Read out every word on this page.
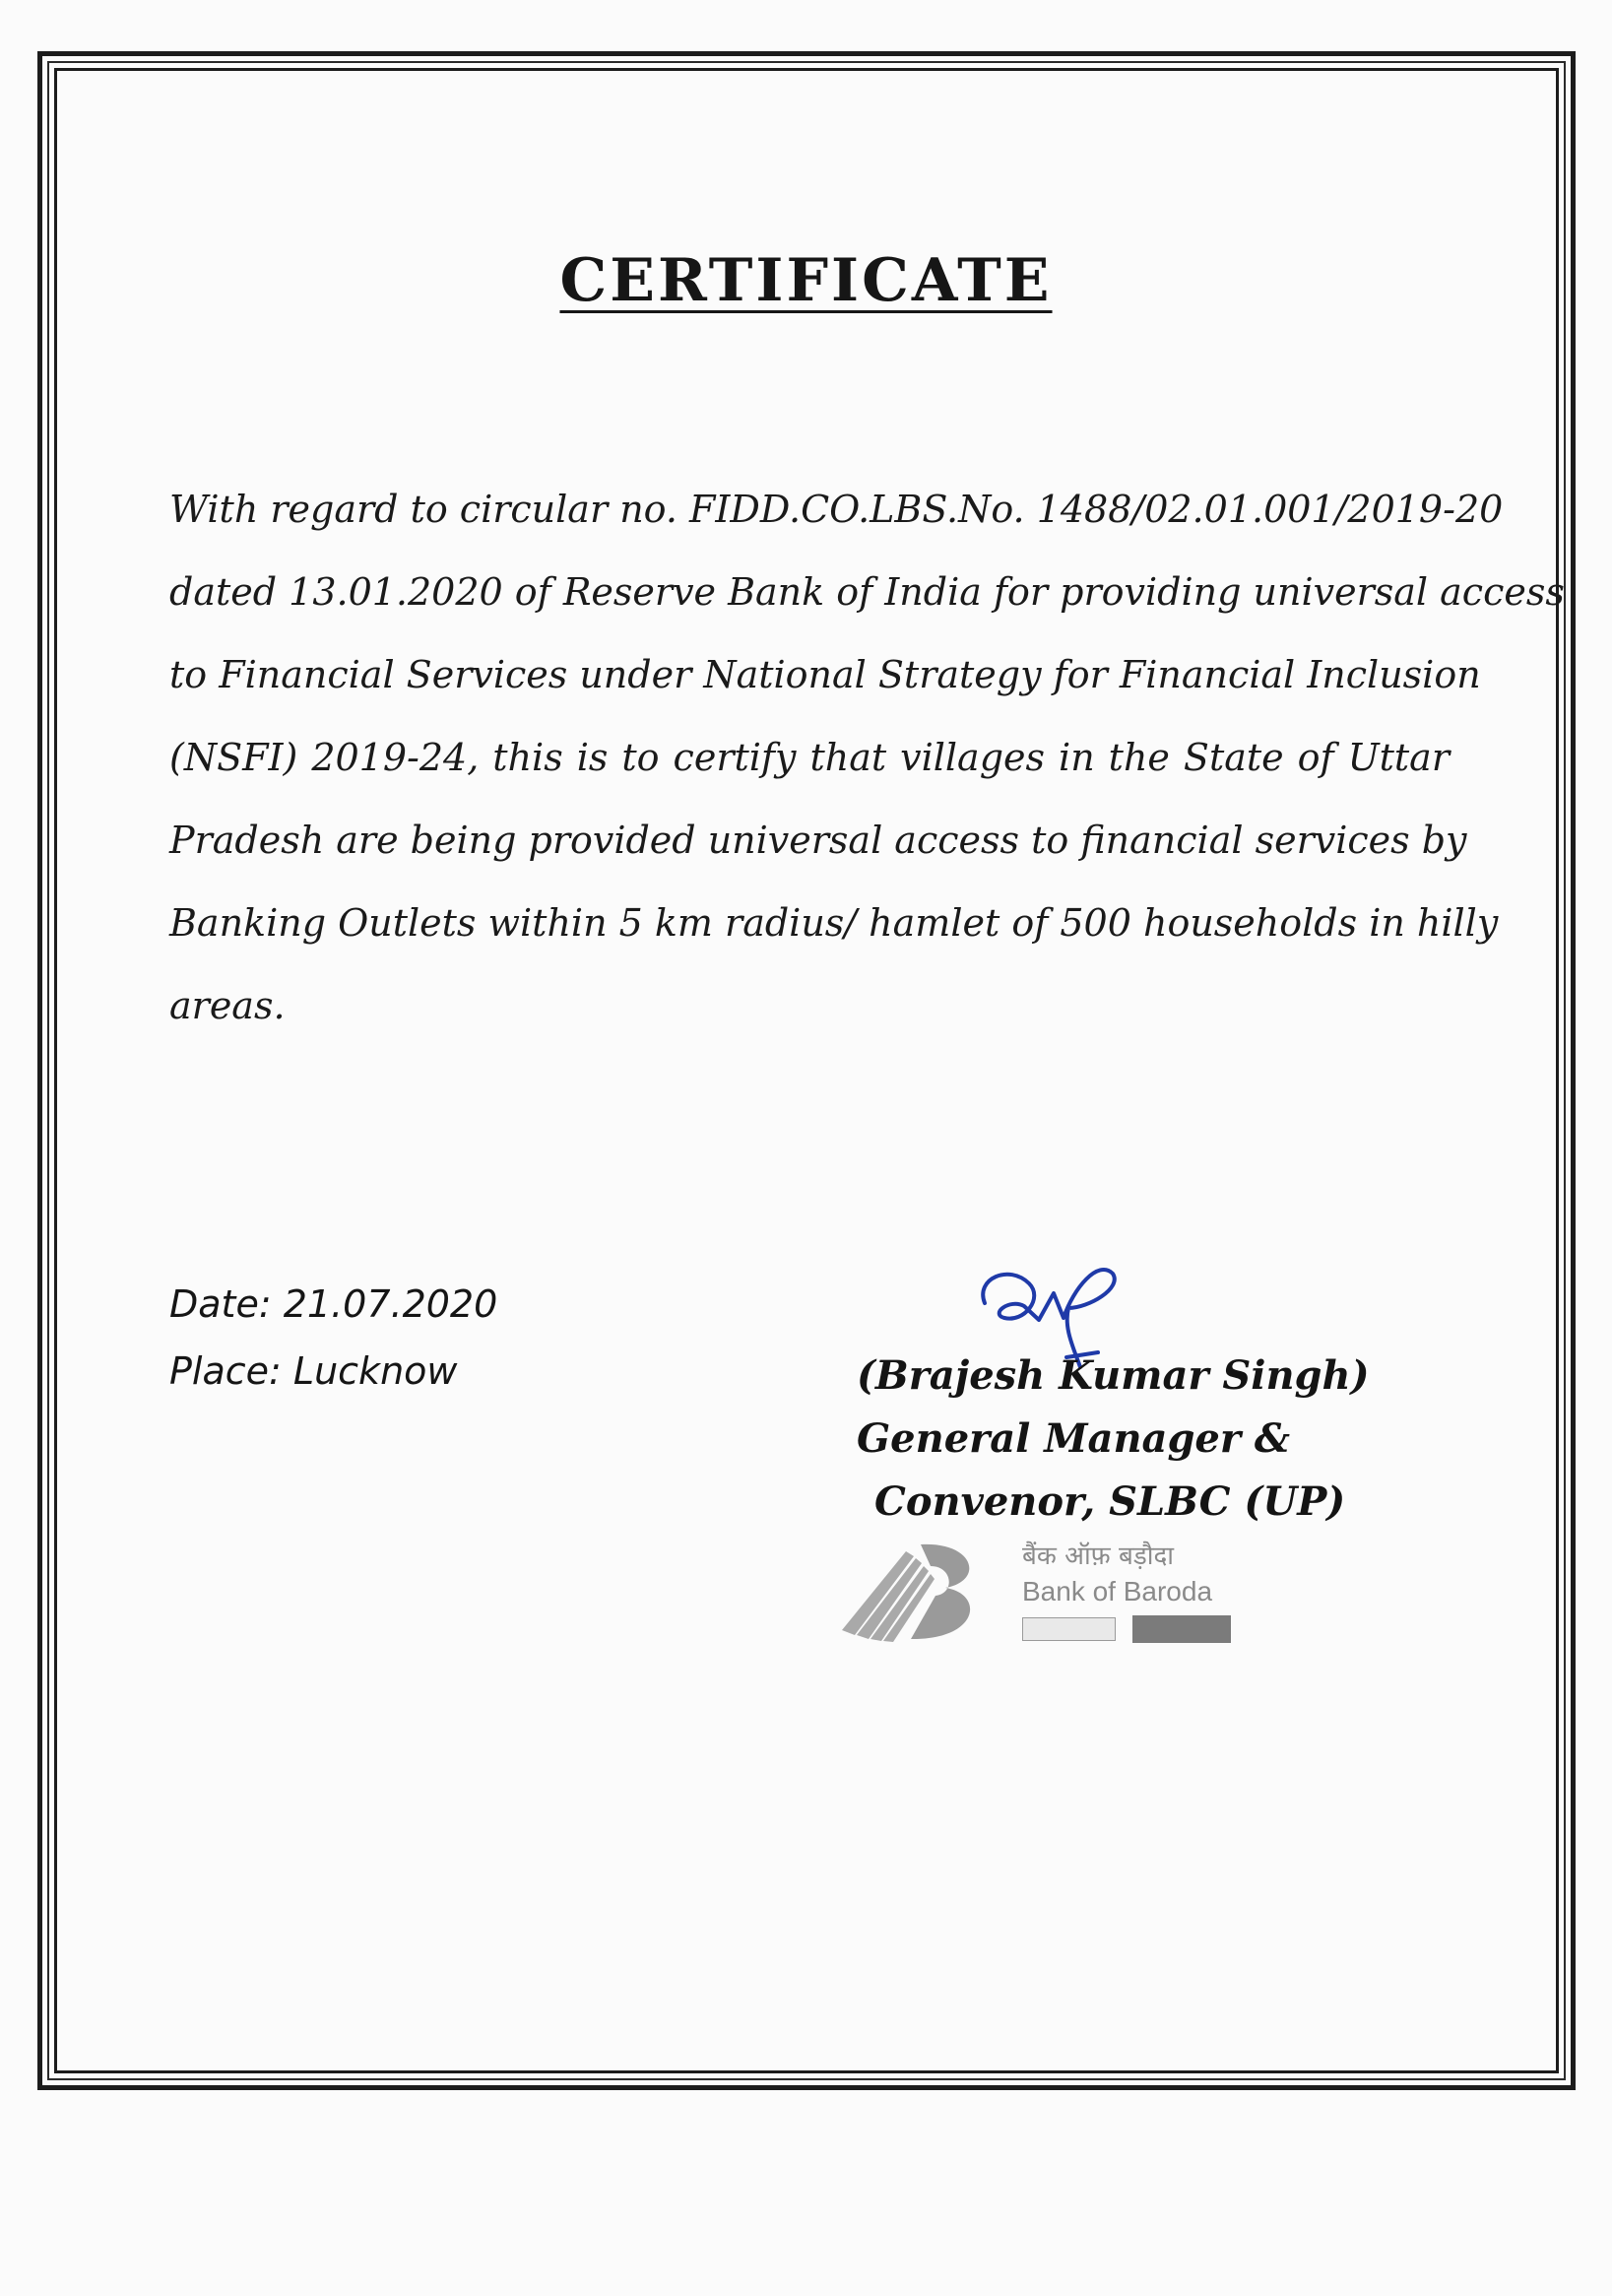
CERTIFICATE
With regard to circular no. FIDD.CO.LBS.No. 1488/02.01.001/2019-20
dated 13.01.2020 of Reserve Bank of India for providing universal access
to Financial Services under National Strategy for Financial Inclusion
(NSFI) 2019-24, this is to certify that villages in the State of Uttar
Pradesh are being provided universal access to financial services by
Banking Outlets within 5 km radius/ hamlet of 500 households in hilly
areas.
Date: 21.07.2020
Place: Lucknow	(Brajesh Kumar Singh)
General Manager &
Convenor, SLBC (UP)
बैंक ऑफ़ बड़ौदा
Bank of Baroda
